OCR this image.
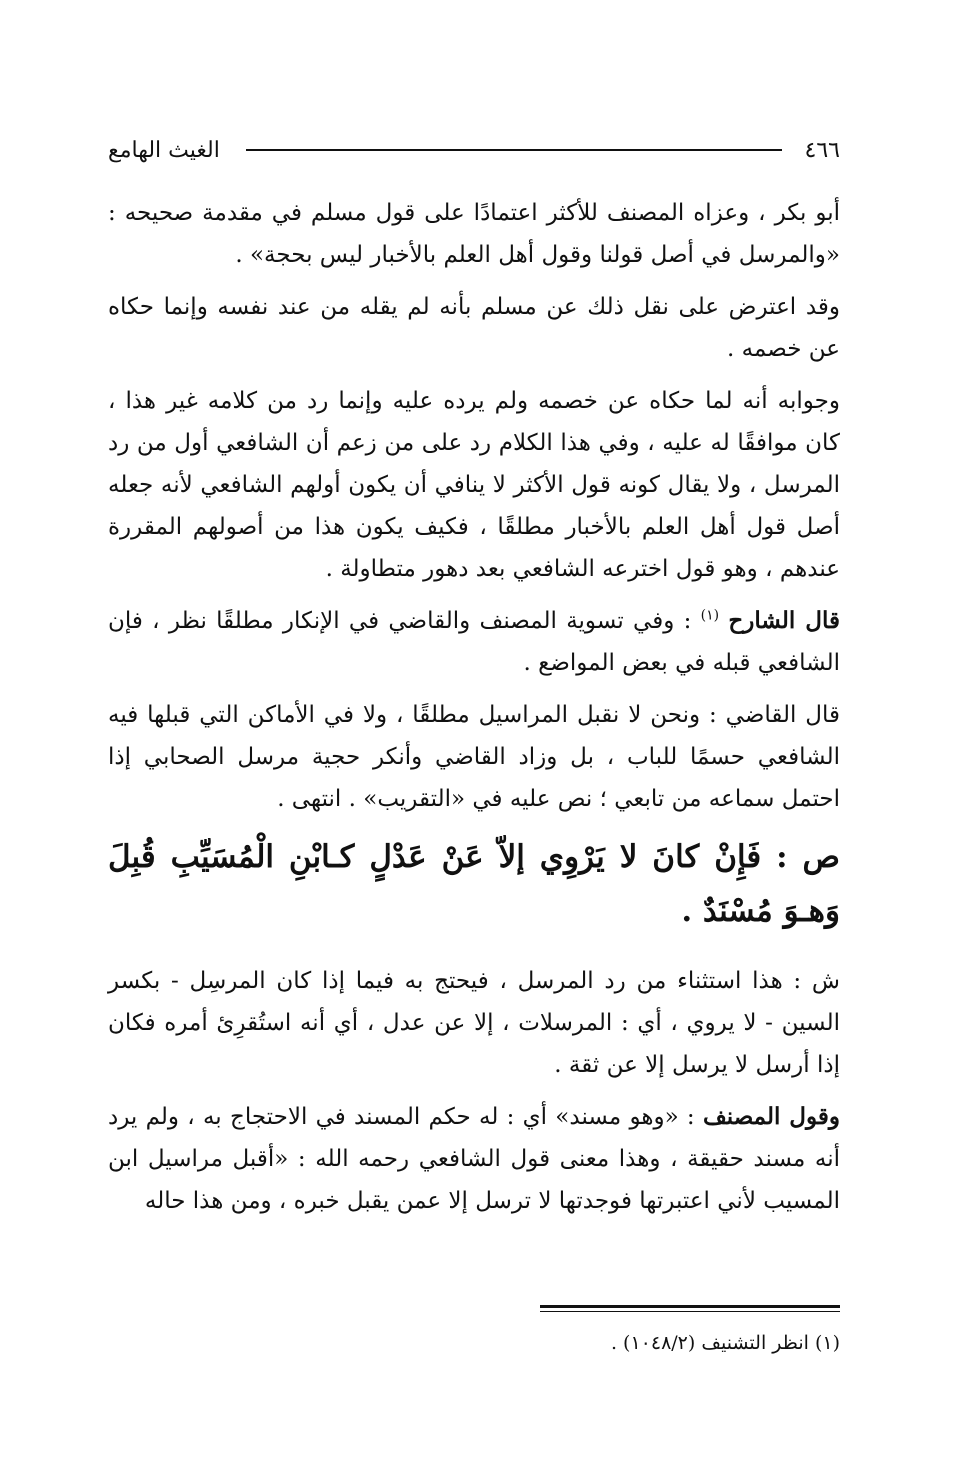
٤٦٦
الغيث الهامع

أبو بكر ، وعزاه المصنف للأكثر اعتمادًا على قول مسلم في مقدمة صحيحه : «والمرسل في أصل قولنا وقول أهل العلم بالأخبار ليس بحجة» .

وقد اعترض على نقل ذلك عن مسلم بأنه لم يقله من عند نفسه وإنما حكاه عن خصمه .

وجوابه أنه لما حكاه عن خصمه ولم يرده عليه وإنما رد من كلامه غير هذا ، كان موافقًا له عليه ، وفي هذا الكلام رد على من زعم أن الشافعي أول من رد المرسل ، ولا يقال كونه قول الأكثر لا ينافي أن يكون أولهم الشافعي لأنه جعله أصل قول أهل العلم بالأخبار مطلقًا ، فكيف يكون هذا من أصولهم المقررة عندهم ، وهو قول اخترعه الشافعي بعد دهور متطاولة .

قال الشارح $^{(١)}$ : وفي تسوية المصنف والقاضي في الإنكار مطلقًا نظر ، فإن الشافعي قبله في بعض المواضع .

قال القاضي : ونحن لا نقبل المراسيل مطلقًا ، ولا في الأماكن التي قبلها فيه الشافعي حسمًا للباب ، بل وزاد القاضي وأنكر حجية مرسل الصحابي إذا احتمل سماعه من تابعي ؛ نص عليه في «التقريب» . انتهى .

ص : فَإِنْ كانَ لا يَرْوِي إلاّ عَنْ عَدْلٍ كـابْنِ الْمُسَيِّبِ قُبِلَ وَهـوَ مُسْنَدٌ .

ش : هذا استثناء من رد المرسل ، فيحتج به فيما إذا كان المرسِل - بكسر السين - لا يروي ، أي : المرسلات ، إلا عن عدل ، أي أنه استُقرِئ أمره فكان إذا أرسل لا يرسل إلا عن ثقة .

وقول المصنف : «وهو مسند» أي : له حكم المسند في الاحتجاج به ، ولم يرد أنه مسند حقيقة ، وهذا معنى قول الشافعي رحمه الله : «أقبل مراسيل ابن المسيب لأني اعتبرتها فوجدتها لا ترسل إلا عمن يقبل خبره ، ومن هذا حاله

(١) انظر التشنيف (١٠٤٨/٢) .
